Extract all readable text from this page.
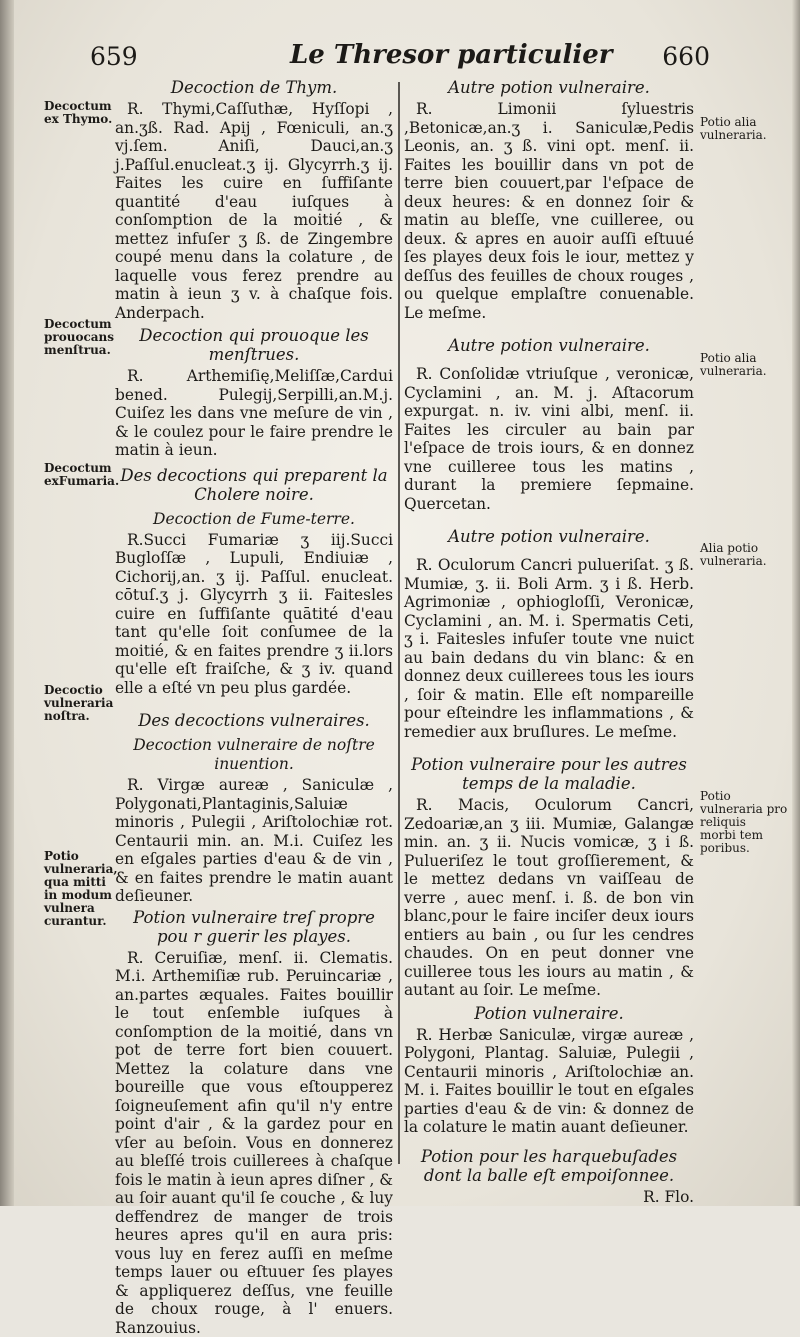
659	Le Thresor particulier 660
Decoction de Thym.

R. Thymi,Caſſuthæ, Hyſſopi , an.ʒß. Rad. Apij , Fœniculi, an.ʒ vj.ſem. Aniſi, Dauci,an.ʒ j.Paſſul.enucleat.ʒ ij. Glycyrrh.ʒ ij. Faites les cuire en ſuffiſante quantité d'eau iuſques à conſomption de la moitié , & mettez infuſer ʒ ß. de Zingembre coupé menu dans la colature , de laquelle vous ferez prendre au matin à ieun ʒ v. à chaſque fois. Anderpach.

Decoction qui prouoque les menſtrues.

R. Arthemiſię,Meliſſæ,Cardui bened. Pulegij,Serpilli,an.M.j. Cuiſez les dans vne meſure de vin , & le coulez pour le faire prendre le matin à ieun.

Des decoctions qui preparent la Cholere noire.
Decoction de Fume-terre.

R.Succi Fumariæ ʒ iij.Succi Bugloſſæ , Lupuli, Endiuiæ , Cichorij,an. ʒ ij. Paſſul. enucleat. cōtuſ.ʒ j. Glycyrrh ʒ ii. Faitesles cuire en ſuffiſante quātité d'eau tant qu'elle ſoit conſumee de la moitié, & en faites prendre ʒ ii.lors qu'elle eſt fraiſche, & ʒ iv. quand elle a eſté vn peu plus gardée.

Des decoctions vulneraires.
Decoction vulneraire de noſtre inuention.

R. Virgæ aureæ , Saniculæ , Polygonati,Plantaginis,Saluiæ minoris , Pulegii , Ariſtolochiæ rot. Centaurii min. an. M.i. Cuiſez les en eſgales parties d'eau & de vin , & en faites prendre le matin auant deſieuner.

Potion vulneraire treſ propre pou r guerir les playes.

R. Ceruiſiæ, menſ. ii. Clematis. M.i. Arthemiſiæ rub. Peruincariæ , an.partes æquales. Faites bouillir le tout enſemble iuſques à conſomption de la moitié, dans vn pot de terre fort bien couuert. Mettez la colature dans vne boureille que vous eſtoupperez ſoigneuſement afin qu'il n'y entre point d'air , & la gardez pour en vſer au beſoin. Vous en donnerez au bleſſé trois cuillerees à chaſque fois le matin à ieun apres diſner , & au ſoir auant qu'il ſe couche , & luy deffendrez de manger de trois heures apres qu'il en aura pris: vous luy en ferez auſſi en meſme temps lauer ou eſtuuer ſes playes & appliquerez deſſus, vne feuille de choux rouge, à l' enuers. Ranzouius.

Decoctum
ex Thymo.
Decoctum
prouocans
menſtrua.
Decoctum
exFumaria.
Decoctio
vulneraria
noſtra.
Potio vulneraria,
qua mitti
in modum
vulnera
curantur.
Autre potion vulneraire.

R. Limonii ſyluestris ,Betonicæ,an.ʒ i. Saniculæ,Pedis Leonis, an. ʒ ß. vini opt. menſ. ii. Faites les bouillir dans vn pot de terre bien couuert,par l'eſpace de deux heures: & en donnez ſoir & matin au bleſſe, vne cuilleree, ou deux. & apres en auoir auſſi eſtuué ſes playes deux fois le iour, mettez y deſſus des feuilles de choux rouges , ou quelque emplaſtre conuenable. Le meſme.

Autre potion vulneraire.

R. Conſolidæ vtriuſque , veronicæ, Cyclamini , an. M. j. Aſtacorum expurgat. n. iv. vini albi, menſ. ii. Faites les circuler au bain par l'eſpace de trois iours, & en donnez vne cuilleree tous les matins , durant la premiere ſepmaine. Quercetan.

Autre potion vulneraire.

R. Oculorum Cancri pulueriſat. ʒ ß. Mumiæ, ʒ. ii. Boli Arm. ʒ i ß. Herb. Agrimoniæ , ophiogloſſi, Veronicæ, Cyclamini , an. M. i. Spermatis Ceti, ʒ i. Faitesles infuſer toute vne nuict au bain dedans du vin blanc: & en donnez deux cuillerees tous les iours , ſoir & matin. Elle eſt nompareille pour eſteindre les inflammations , & remedier aux bruſlures. Le meſme.

Potion vulneraire pour les autres temps de la maladie.

R. Macis, Oculorum Cancri, Zedoariæ,an ʒ iii. Mumiæ, Galangæ min. an. ʒ ii. Nucis vomicæ, ʒ i ß. Pulueriſez le tout groſſierement, & le mettez dedans vn vaiſſeau de verre , auec menſ. i. ß. de bon vin blanc,pour le faire inciſer deux iours entiers au bain , ou ſur les cendres chaudes. On en peut donner vne cuilleree tous les iours au matin , & autant au ſoir. Le meſme.

Potion vulneraire.

R. Herbæ Saniculæ, virgæ aureæ , Polygoni, Plantag. Saluiæ, Pulegii , Centaurii minoris , Ariſtolochiæ an. M. i. Faites bouillir le tout en eſgales parties d'eau & de vin: & donnez de la colature le matin auant deſieuner.

Potion pour les harquebuſades dont la balle eſt empoiſonnee.

R. Flo.

Potio alia
vulneraria.
Potio alia
vulneraria.
Alia potio
vulneraria.
Potio vulneraria pro
reliquis
morbi tem
poribus.
